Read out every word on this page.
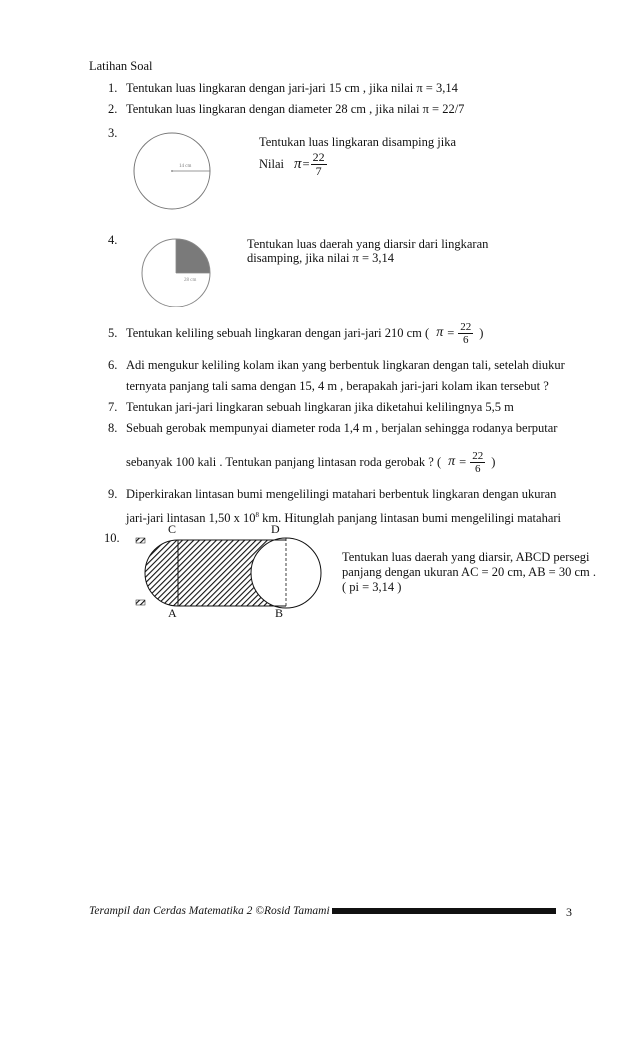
Latihan Soal
1. Tentukan luas lingkaran dengan jari-jari 15 cm , jika nilai π = 3,14
2. Tentukan luas lingkaran dengan diameter 28 cm , jika nilai π = 22/7
3.
14 cm
Tentukan luas lingkaran disamping jika
Nilai $\pi = \frac{22}{7}$
4.
28 cm
Tentukan luas daerah yang diarsir dari lingkaran
disamping, jika nilai π = 3,14
5. Tentukan keliling sebuah lingkaran dengan jari-jari 210 cm ( $\pi = \frac{22}{6}$ )
6. Adi mengukur keliling kolam ikan yang berbentuk lingkaran dengan tali, setelah diukur
ternyata panjang tali sama dengan 15, 4 m , berapakah jari-jari kolam ikan tersebut ?
7. Tentukan jari-jari lingkaran sebuah lingkaran jika diketahui kelilingnya 5,5 m
8. Sebuah gerobak mempunyai diameter roda 1,4 m , berjalan sehingga rodanya berputar
sebanyak 100 kali . Tentukan panjang lintasan roda gerobak ? ( $\pi = \frac{22}{6}$ )
9. Diperkirakan lintasan bumi mengelilingi matahari berbentuk lingkaran dengan ukuran
jari-jari lintasan 1,50 x $10^8$ km. Hitunglah panjang lintasan bumi mengelilingi matahari
10.
C	D
A	B
Tentukan luas daerah yang diarsir, ABCD persegi
panjang dengan ukuran AC = 20 cm, AB = 30 cm .
( pi = 3,14 )
Terampil dan Cerdas Matematika 2 ©Rosid Tamami	3
